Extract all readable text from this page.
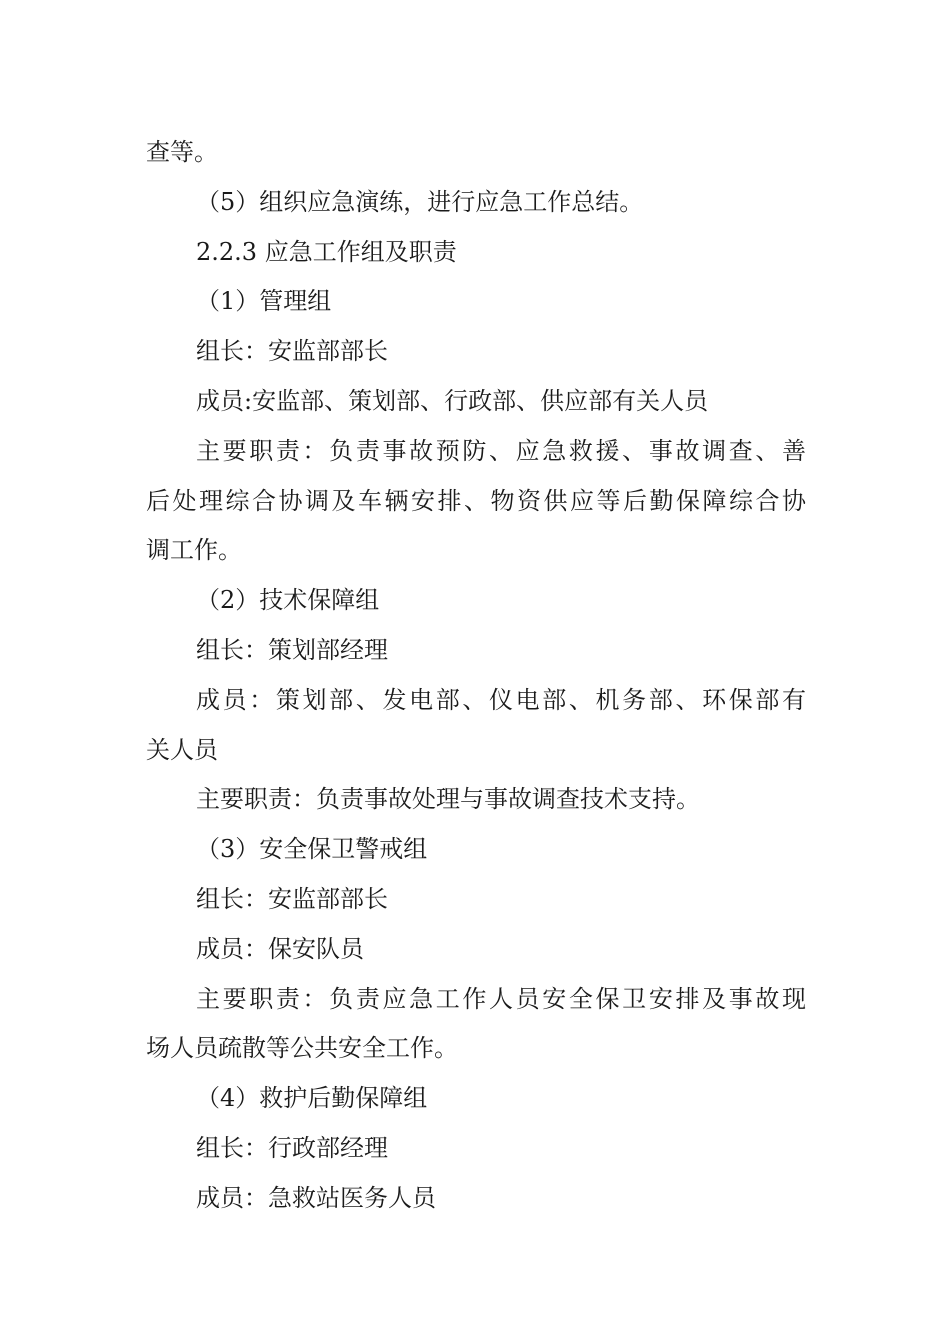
查等。
（5）组织应急演练，进行应急工作总结。
2.2.3 应急工作组及职责
（1）管理组
组长：安监部部长
成员:安监部、策划部、行政部、供应部有关人员
主要职责：负责事故预防、应急救援、事故调查、善
后处理综合协调及车辆安排、物资供应等后勤保障综合协
调工作。
（2）技术保障组
组长：策划部经理
成员：策划部、发电部、仪电部、机务部、环保部有
关人员
主要职责：负责事故处理与事故调查技术支持。
（3）安全保卫警戒组
组长：安监部部长
成员：保安队员
主要职责：负责应急工作人员安全保卫安排及事故现
场人员疏散等公共安全工作。
（4）救护后勤保障组
组长：行政部经理
成员：急救站医务人员
